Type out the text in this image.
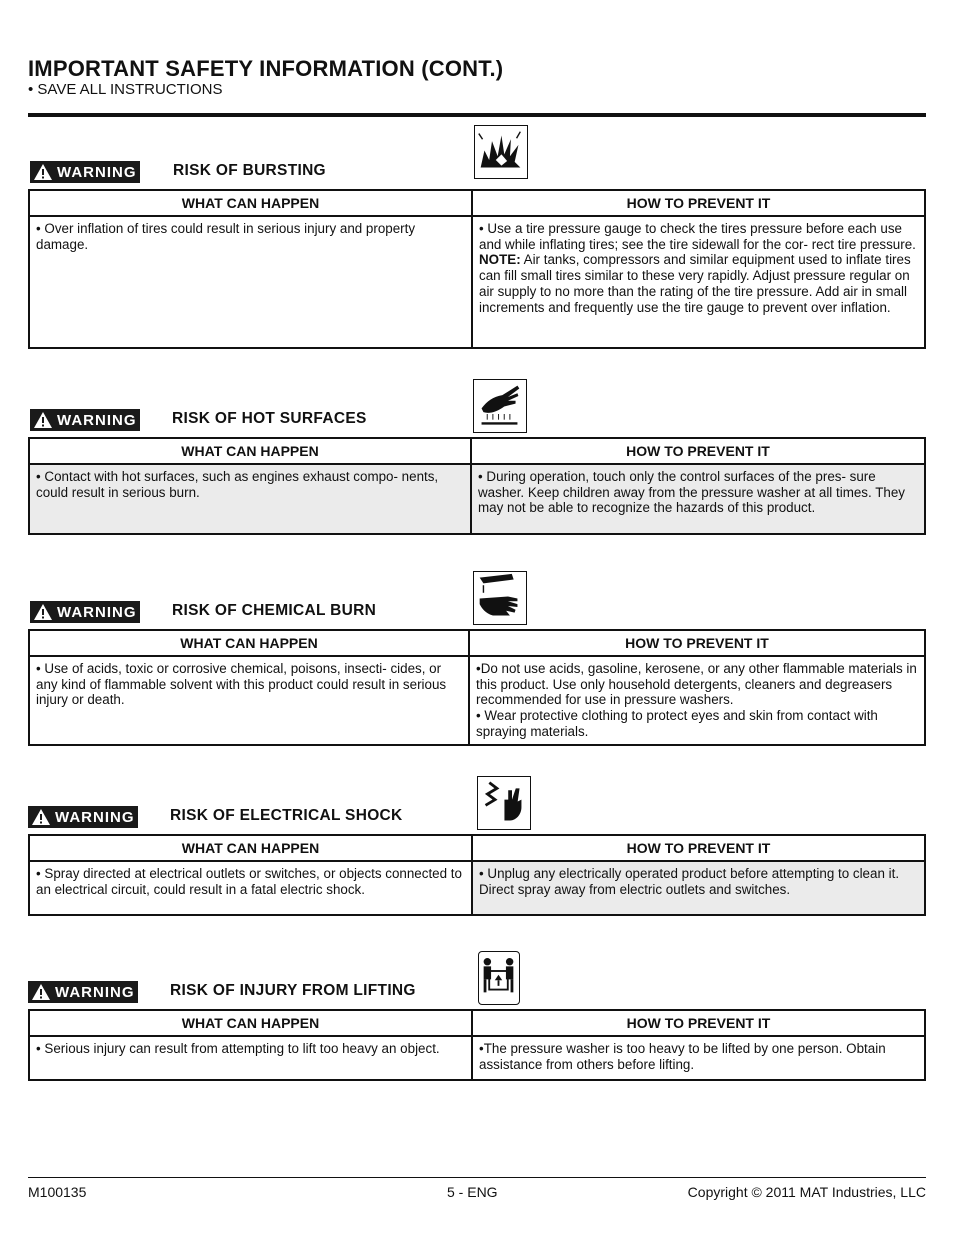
IMPORTANT SAFETY INFORMATION (CONT.)
• SAVE ALL INSTRUCTIONS
WARNING RISK OF BURSTING
WHAT CAN HAPPEN	HOW TO PREVENT IT
• Over inflation of tires could result in serious injury and property damage.	• Use a tire pressure gauge to check the tires pressure before each use and while inflating tires; see the tire sidewall for the cor- rect tire pressure.
NOTE: Air tanks, compressors and similar equipment used to inflate tires can fill small tires similar to these very rapidly. Adjust pressure regular on air supply to no more than the rating of the tire pressure. Add air in small increments and frequently use the tire gauge to prevent over inflation.
WARNING RISK OF HOT SURFACES
WHAT CAN HAPPEN	HOW TO PREVENT IT
• Contact with hot surfaces, such as engines exhaust compo- nents, could result in serious burn.	• During operation, touch only the control surfaces of the pres- sure washer. Keep children away from the pressure washer at all times. They may not be able to recognize the hazards of this product.
WARNING RISK OF CHEMICAL BURN
WHAT CAN HAPPEN	HOW TO PREVENT IT
• Use of acids, toxic or corrosive chemical, poisons, insecti- cides, or any kind of flammable solvent with this product could result in serious injury or death.	•Do not use acids, gasoline, kerosene, or any other flammable materials in this product. Use only household detergents, cleaners and degreasers recommended for use in pressure washers.
• Wear protective clothing to protect eyes and skin from contact with spraying materials.
WARNING RISK OF ELECTRICAL SHOCK
WHAT CAN HAPPEN	HOW TO PREVENT IT
• Spray directed at electrical outlets or switches, or objects connected to an electrical circuit, could result in a fatal electric shock.	• Unplug any electrically operated product before attempting to clean it. Direct spray away from electric outlets and switches.
WARNING RISK OF INJURY FROM LIFTING
WHAT CAN HAPPEN	HOW TO PREVENT IT
• Serious injury can result from attempting to lift too heavy an object.	•The pressure washer is too heavy to be lifted by one person. Obtain assistance from others before lifting.
M100135	5 - ENG	Copyright © 2011 MAT Industries, LLC
